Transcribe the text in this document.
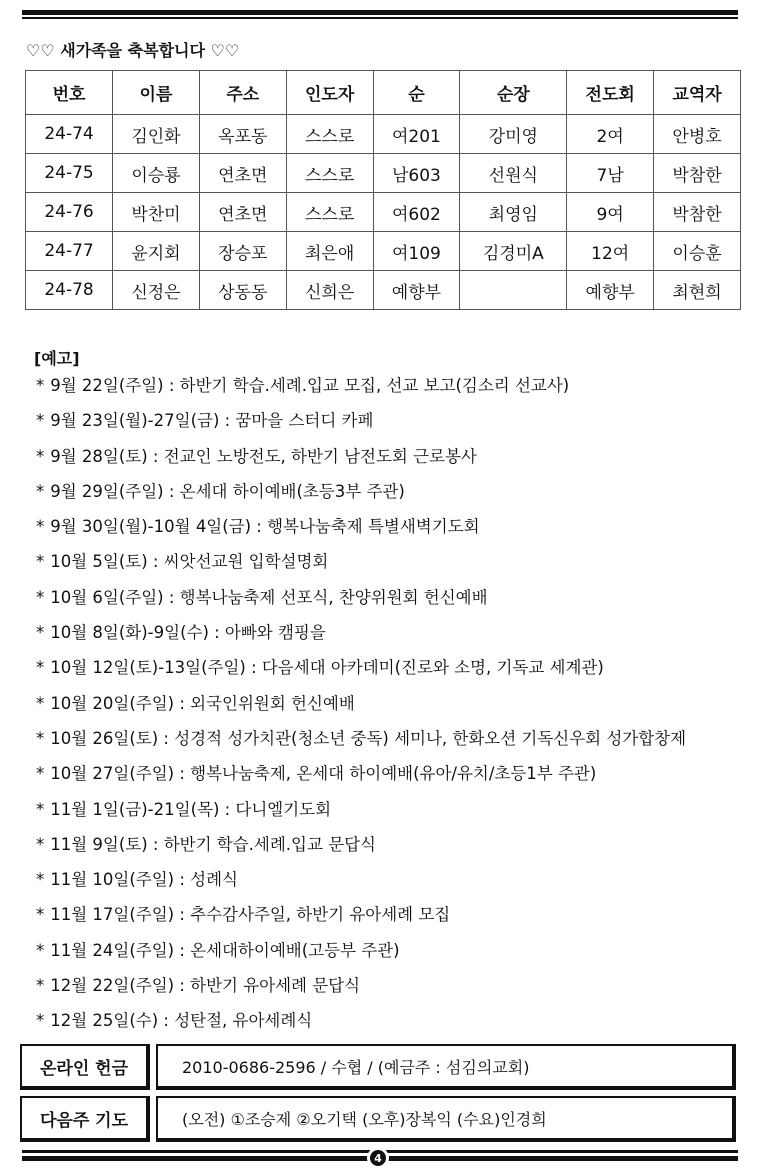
♡♡ 새가족을 축복합니다 ♡♡
번호	이름	주소	인도자	순	순장	전도회	교역자
24-74	김인화	옥포동	스스로	여201	강미영	2여	안병호
24-75	이승룡	연초면	스스로	남603	선원식	7남	박참한
24-76	박찬미	연초면	스스로	여602	최영임	9여	박참한
24-77	윤지회	장승포	최은애	여109	김경미A	12여	이승훈
24-78	신정은	상동동	신희은	예향부		예향부	최현희
[예고]
* 9월 22일(주일) : 하반기 학습.세례.입교 모집, 선교 보고(김소리 선교사)
* 9월 23일(월)-27일(금) : 꿈마을 스터디 카페
* 9월 28일(토) : 전교인 노방전도, 하반기 남전도회 근로봉사
* 9월 29일(주일) : 온세대 하이예배(초등3부 주관)
* 9월 30일(월)-10월 4일(금) : 행복나눔축제 특별새벽기도회
* 10월 5일(토) : 씨앗선교원 입학설명회
* 10월 6일(주일) : 행복나눔축제 선포식, 찬양위원회 헌신예배
* 10월 8일(화)-9일(수) : 아빠와 캠핑을
* 10월 12일(토)-13일(주일) : 다음세대 아카데미(진로와 소명, 기독교 세계관)
* 10월 20일(주일) : 외국인위원회 헌신예배
* 10월 26일(토) : 성경적 성가치관(청소년 중독) 세미나, 한화오션 기독신우회 성가합창제
* 10월 27일(주일) : 행복나눔축제, 온세대 하이예배(유아/유치/초등1부 주관)
* 11월 1일(금)-21일(목) : 다니엘기도회
* 11월 9일(토) : 하반기 학습.세례.입교 문답식
* 11월 10일(주일) : 성례식
* 11월 17일(주일) : 추수감사주일, 하반기 유아세례 모집
* 11월 24일(주일) : 온세대하이예배(고등부 주관)
* 12월 22일(주일) : 하반기 유아세례 문답식
* 12월 25일(수) : 성탄절, 유아세례식
온라인 헌금	2010-0686-2596 / 수협 / (예금주 : 섬김의교회)
다음주 기도	(오전) ①조승제 ②오기택 (오후)장복익 (수요)인경희
4
